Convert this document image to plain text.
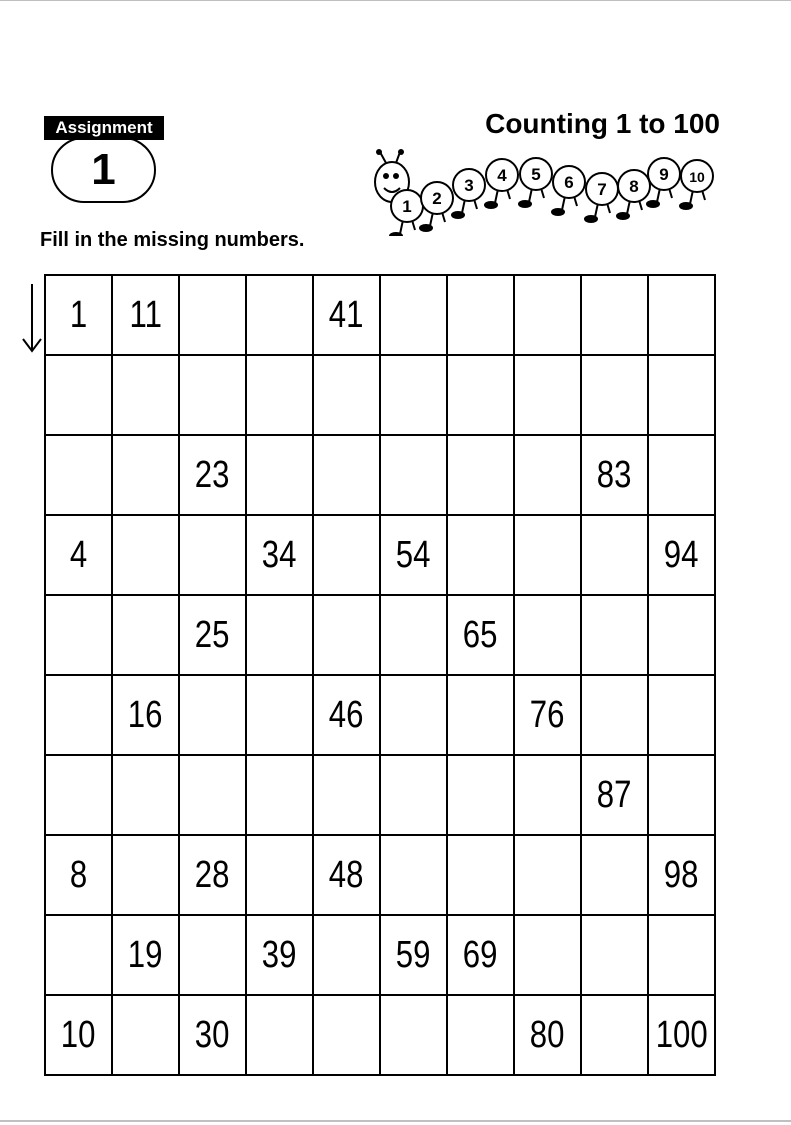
Assignment
1
Counting 1 to 100
1 2
3
4 5 6 7 8
9 10
Fill in the missing numbers.
1	11			41					

		23						83	
4			34		54				94
		25				65			
	16			46			76		
								87	
8		28		48					98
	19		39		59	69			
10		30					80		100
